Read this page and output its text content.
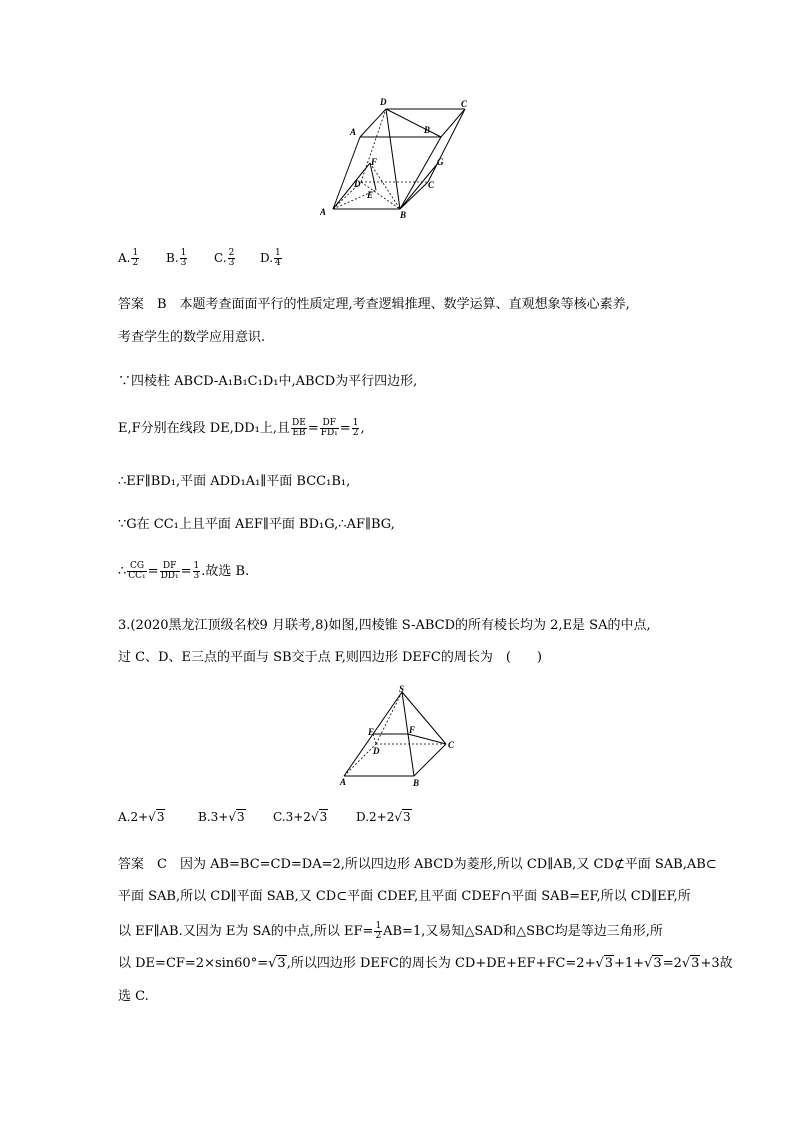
A	B
C
D
A	B
C
D
E
F	G
A. $\frac{1}{2} B$. $\frac{1}{3} C$. $\frac{2}{3} D$. $\frac{1}{4}$
答案　B　本题考查面面平行的性质定理,考查逻辑推理、数学运算、直观想象等核心素养,
考查学生的数学应用意识.
∵四棱柱 ABCD-A₁B₁C₁D₁中,ABCD为平行四边形,
E,F分别在线段 DE,DD₁上,且 $\frac{DE}{EB} = \frac{DF}{\text{FD₁}} = \frac{1}{2}$ ,
∴EF∥BD₁,平面 ADD₁A₁∥平面 BCC₁B₁,
∵G在 CC₁上且平面 AEF∥平面 BD₁G,∴AF∥BG,
∴ $\frac{CG}{\text{CC₁}} = \frac{DF}{\text{DD₁}} = \frac{1}{3}$ .故选 B.
3.(2020黑龙江顶级名校9 月联考,8)如图,四棱锥 S-ABCD的所有棱长均为 2,E是 SA的中点,
过 C、D、E三点的平面与 SB交于点 F,则四边形 DEFC的周长为　(　　)
S
A	B
C
D
E	F
A.2+√3	B.3+√3 C.3+2√3 D.2+2√3
答案　C　因为 AB=BC=CD=DA=2,所以四边形 ABCD为菱形,所以 CD∥AB,又 CD⊄平面 SAB,AB⊂
平面 SAB,所以 CD∥平面 SAB,又 CD⊂平面 CDEF,且平面 CDEF∩平面 SAB=EF,所以 CD∥EF,所
以 EF∥AB.又因为 E为 SA的中点,所以 $EF= \frac{1}{2} AB=1$,又易知△SAD和△SBC均是等边三角形,所
以 DE=CF=2×sin60°=√3,所以四边形 DEFC的周长为 CD+DE+EF+FC=2+√3+1+√3=2√3+3故
选 C.
